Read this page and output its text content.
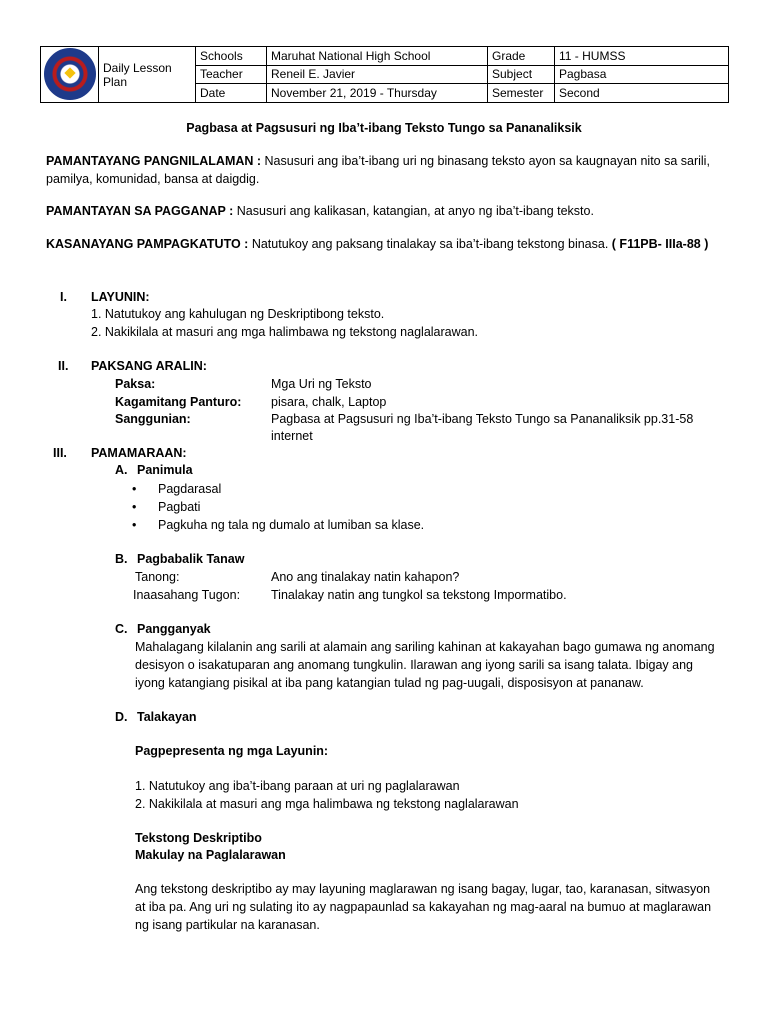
	Daily Lesson Plan	Schools	Maruhat National High School	Grade	11 - HUMSS
		Teacher	Reneil E. Javier	Subject	Pagbasa
		Date	November 21, 2019 - Thursday	Semester	Second
Pagbasa at Pagsusuri ng Iba’t-ibang Teksto Tungo sa Pananaliksik
PAMANTAYANG PANGNILALAMAN : Nasusuri ang iba’t-ibang uri ng binasang teksto ayon sa kaugnayan nito sa sarili,
pamilya, komunidad, bansa at daigdig.
PAMANTAYAN SA PAGGANAP : Nasusuri ang kalikasan, katangian, at anyo ng iba’t-ibang teksto.
KASANAYANG PAMPAGKATUTO : Natutukoy ang paksang tinalakay sa iba’t-ibang tekstong binasa. ( F11PB- IIIa-88 )
I. LAYUNIN:
1. Natutukoy ang kahulugan ng Deskriptibong teksto.
2. Nakikilala at masuri ang mga halimbawa ng tekstong naglalarawan.
II. PAKSANG ARALIN:
Paksa:	Mga Uri ng Teksto
Kagamitang Panturo: pisara, chalk, Laptop
Sanggunian:	Pagbasa at Pagsusuri ng Iba’t-ibang Teksto Tungo sa Pananaliksik pp.31-58
internet
III. PAMAMARAAN:
A. Panimula
• Pagdarasal
• Pagbati
• Pagkuha ng tala ng dumalo at lumiban sa klase.
B. Pagbabalik Tanaw
Tanong:	Ano ang tinalakay natin kahapon?
Inaasahang Tugon: Tinalakay natin ang tungkol sa tekstong Impormatibo.
C. Pangganyak
Mahalagang kilalanin ang sarili at alamain ang sariling kahinan at kakayahan bago gumawa ng anomang
desisyon o isakatuparan ang anomang tungkulin. Ilarawan ang iyong sarili sa isang talata. Ibigay ang
iyong katangiang pisikal at iba pang katangian tulad ng pag-uugali, disposisyon at pananaw.
D. Talakayan
Pagpepresenta ng mga Layunin:
1. Natutukoy ang iba’t-ibang paraan at uri ng paglalarawan
2. Nakikilala at masuri ang mga halimbawa ng tekstong naglalarawan
Tekstong Deskriptibo
Makulay na Paglalarawan
Ang tekstong deskriptibo ay may layuning maglarawan ng isang bagay, lugar, tao, karanasan, sitwasyon
at iba pa. Ang uri ng sulating ito ay nagpapaunlad sa kakayahan ng mag-aaral na bumuo at maglarawan
ng isang partikular na karanasan.
